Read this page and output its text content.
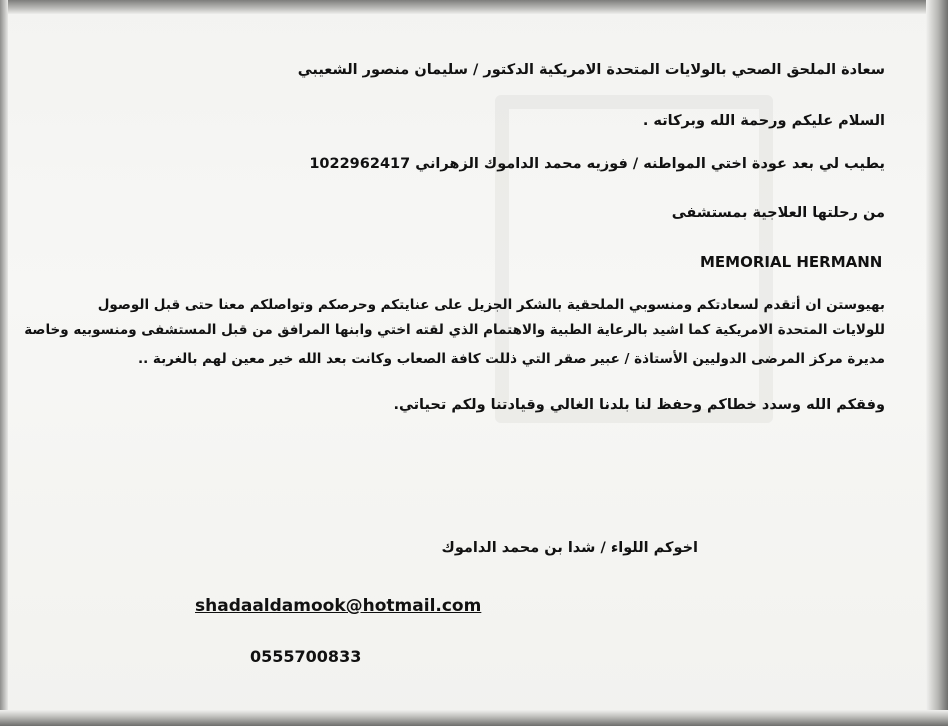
سعادة الملحق الصحي بالولايات المتحدة الامريكية الدكتور / سليمان منصور الشعيبي

السلام عليكم ورحمة الله وبركاته .

يطيب لي بعد عودة اختي المواطنه / فوزيه محمد الداموك الزهراني 1022962417

من رحلتها العلاجية بمستشفى

MEMORIAL HERMANN

بهيوستن ان أتقدم لسعادتكم ومنسوبي الملحقية بالشكر الجزيل على عنايتكم وحرصكم وتواصلكم معنا حتى قبل الوصول

للولايات المتحدة الامريكية كما اشيد بالرعاية الطبية والاهتمام الذي لقته اختي وابنها المرافق من قبل المستشفى ومنسوبيه وخاصة

مديرة مركز المرضى الدوليين الأستاذة / عبير صقر التي ذللت كافة الصعاب وكانت بعد الله خير معين لهم بالغربة ..

وفقكم الله وسدد خطاكم وحفظ لنا بلدنا الغالي وقيادتنا ولكم تحياتي.

اخوكم اللواء / شدا بن محمد الداموك

shadaaldamook@hotmail.com

0555700833
